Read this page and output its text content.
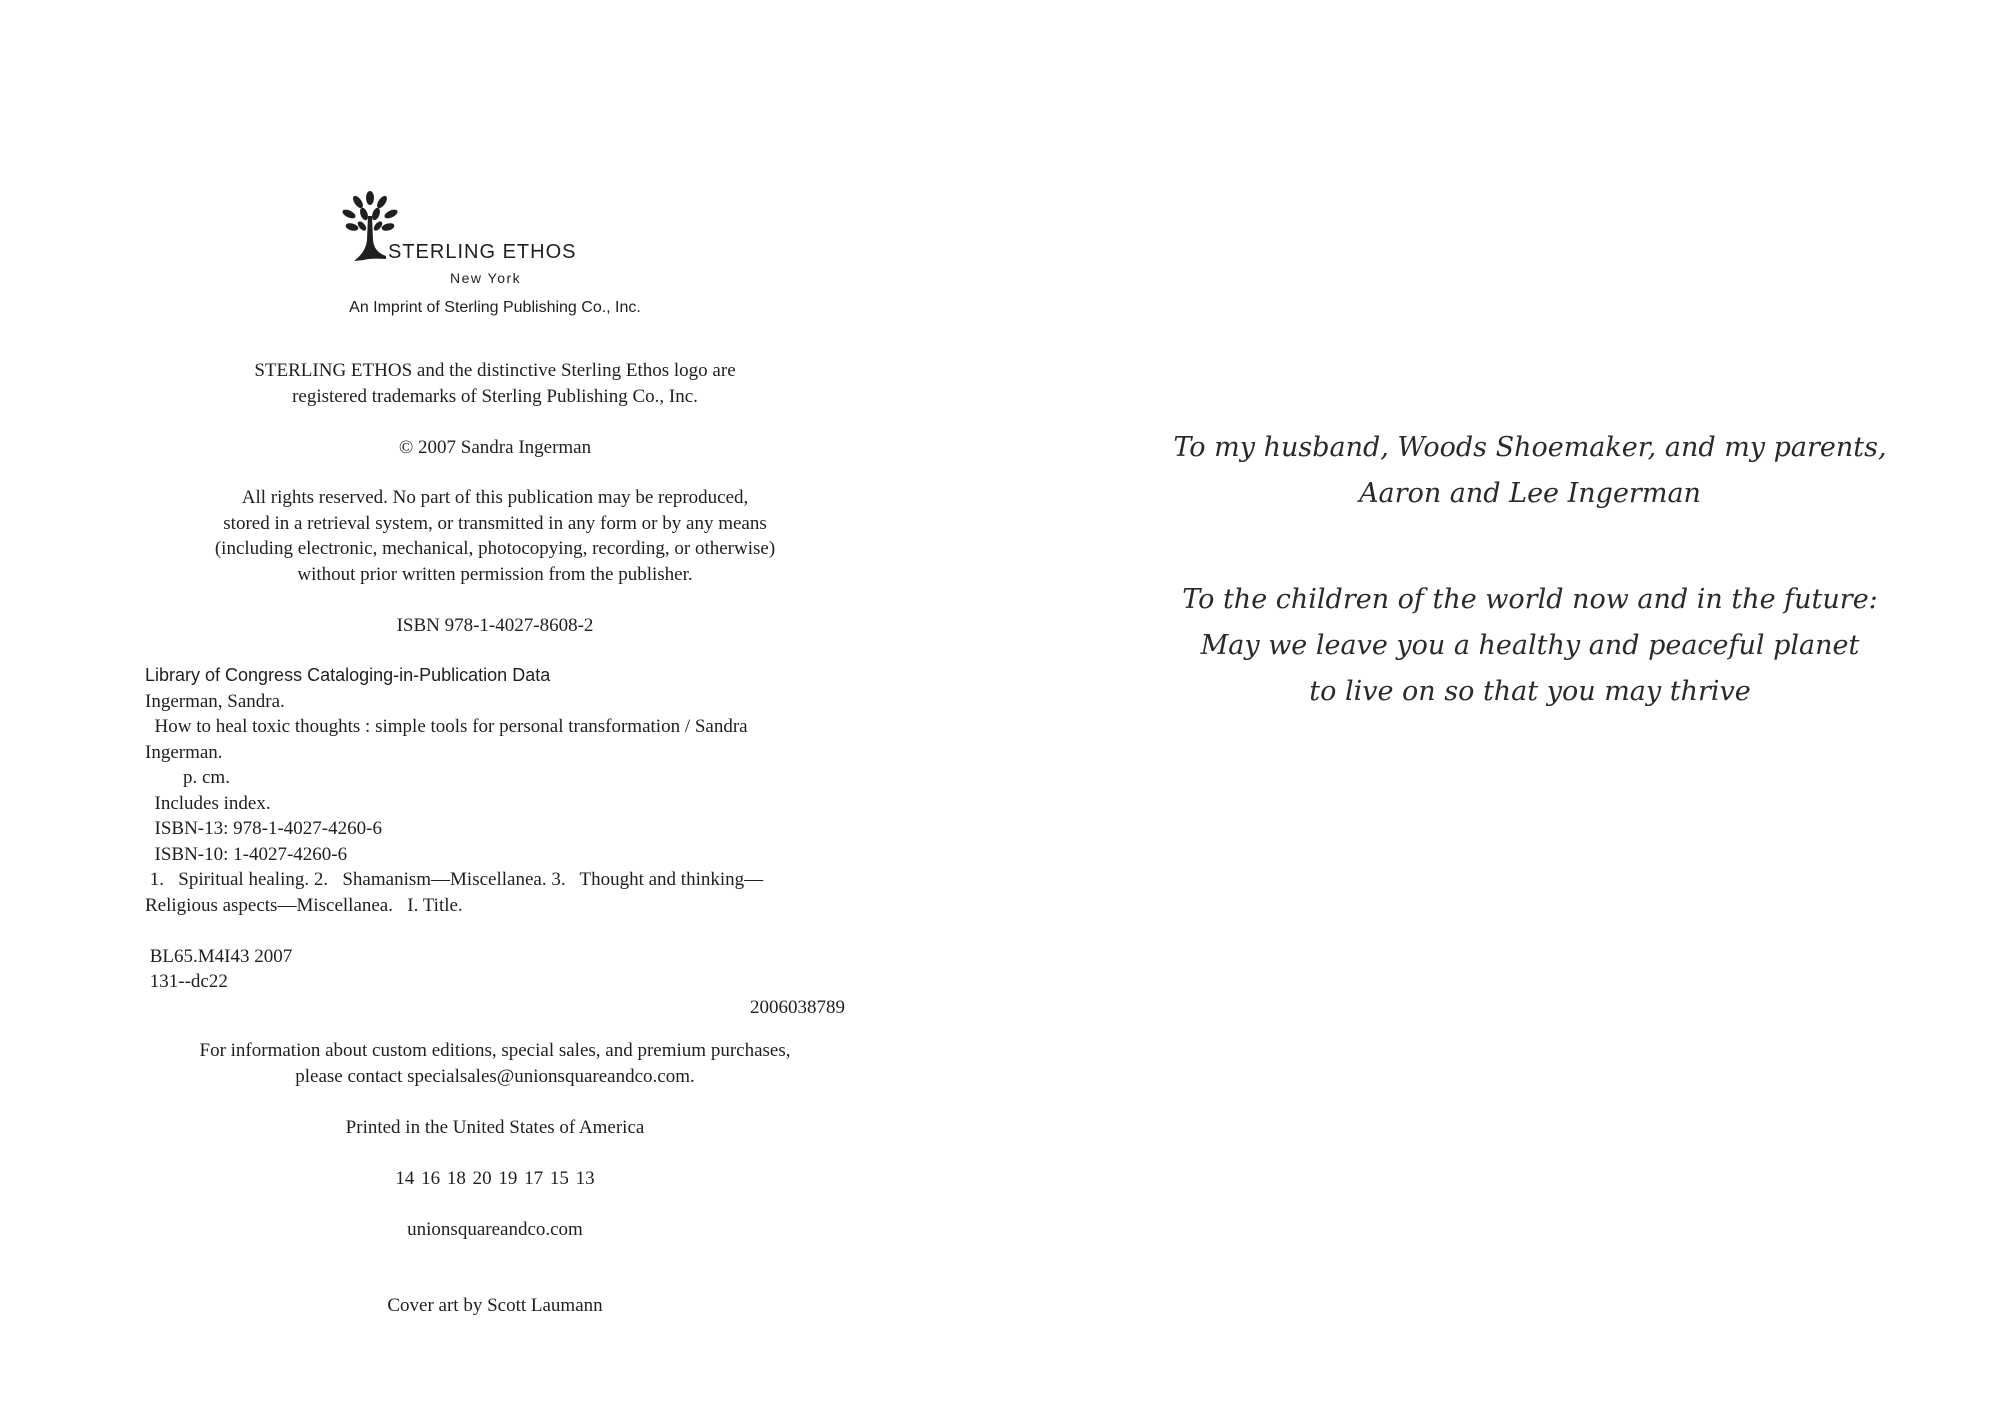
STERLING ETHOS
New York
An Imprint of Sterling Publishing Co., Inc.
STERLING ETHOS and the distinctive Sterling Ethos logo are
registered trademarks of Sterling Publishing Co., Inc.
© 2007 Sandra Ingerman
All rights reserved. No part of this publication may be reproduced,
stored in a retrieval system, or transmitted in any form or by any means
(including electronic, mechanical, photocopying, recording, or otherwise)
without prior written permission from the publisher.
ISBN 978-1-4027-8608-2
Library of Congress Cataloging-in-Publication Data
Ingerman, Sandra.
How to heal toxic thoughts : simple tools for personal transformation / Sandra
Ingerman.
p. cm.
Includes index.
ISBN-13: 978-1-4027-4260-6
ISBN-10: 1-4027-4260-6
1.   Spiritual healing. 2.   Shamanism—Miscellanea. 3.   Thought and thinking—
Religious aspects—Miscellanea.   I. Title.
BL65.M4I43 2007
131--dc22
2006038789
For information about custom editions, special sales, and premium purchases,
please contact specialsales@unionsquareandco.com.
Printed in the United States of America
14 16 18 20 19 17 15 13
unionsquareandco.com
Cover art by Scott Laumann
To my husband, Woods Shoemaker, and my parents,
Aaron and Lee Ingerman
To the children of the world now and in the future:
May we leave you a healthy and peaceful planet
to live on so that you may thrive
